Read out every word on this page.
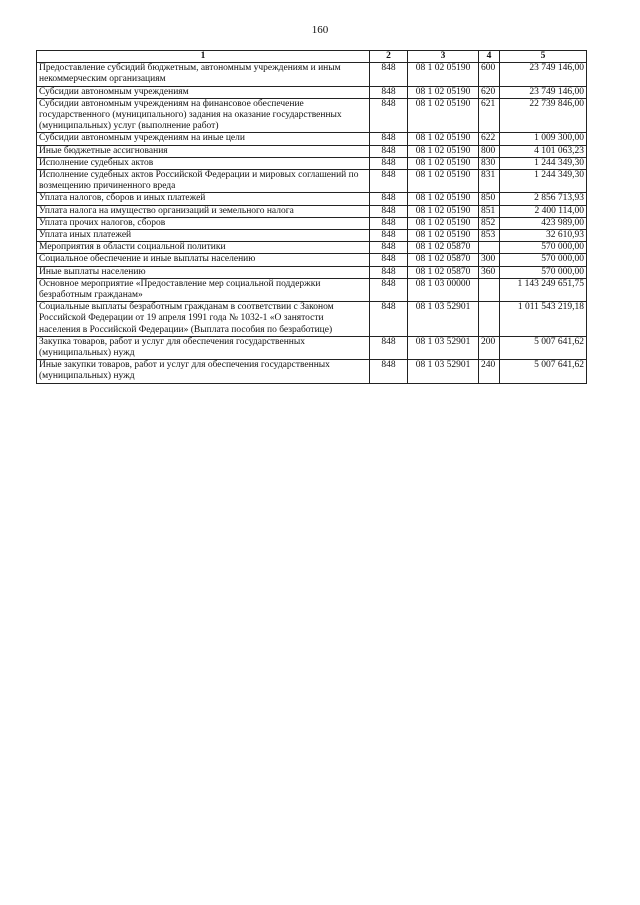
160
1	2	3	4	5
Предоставление субсидий бюджетным, автономным учреждениям и иным некоммерческим организациям	848	08 1 02 05190	600	23 749 146,00
Субсидии автономным учреждениям	848	08 1 02 05190	620	23 749 146,00
Субсидии автономным учреждениям на финансовое обеспечение государственного (муниципального) задания на оказание государственных (муниципальных) услуг (выполнение работ)	848	08 1 02 05190	621	22 739 846,00
Субсидии автономным учреждениям на иные цели	848	08 1 02 05190	622	1 009 300,00
Иные бюджетные ассигнования	848	08 1 02 05190	800	4 101 063,23
Исполнение судебных актов	848	08 1 02 05190	830	1 244 349,30
Исполнение судебных актов Российской Федерации и мировых соглашений по возмещению причиненного вреда	848	08 1 02 05190	831	1 244 349,30
Уплата налогов, сборов и иных платежей	848	08 1 02 05190	850	2 856 713,93
Уплата налога на имущество организаций и земельного налога	848	08 1 02 05190	851	2 400 114,00
Уплата прочих налогов, сборов	848	08 1 02 05190	852	423 989,00
Уплата иных платежей	848	08 1 02 05190	853	32 610,93
Мероприятия в области социальной политики	848	08 1 02 05870		570 000,00
Социальное обеспечение и иные выплаты населению	848	08 1 02 05870	300	570 000,00
Иные выплаты населению	848	08 1 02 05870	360	570 000,00
Основное мероприятие «Предоставление мер социальной поддержки безработным гражданам»	848	08 1 03 00000		1 143 249 651,75
Социальные выплаты безработным гражданам в соответствии с Законом Российской Федерации от 19 апреля 1991 года № 1032-1 «О занятости населения в Российской Федерации» (Выплата пособия по безработице)	848	08 1 03 52901		1 011 543 219,18
Закупка товаров, работ и услуг для обеспечения государственных (муниципальных) нужд	848	08 1 03 52901	200	5 007 641,62
Иные закупки товаров, работ и услуг для обеспечения государственных (муниципальных) нужд	848	08 1 03 52901	240	5 007 641,62
